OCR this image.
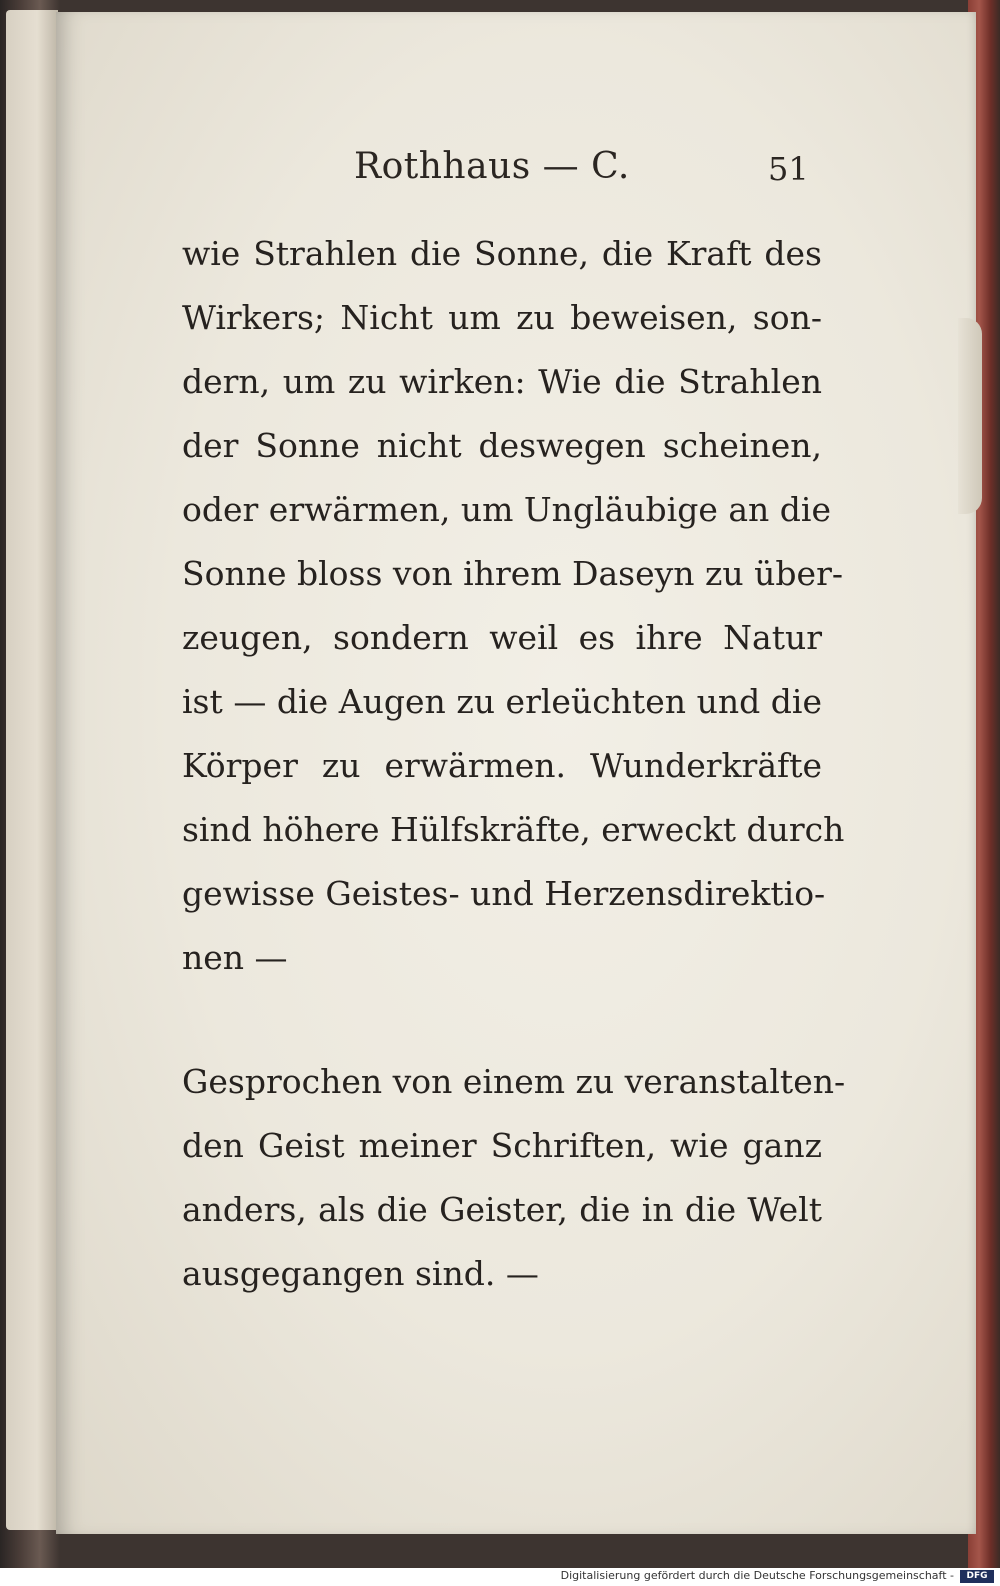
Rothhaus — C.	51
wie Strahlen die Sonne, die Kraft des
Wirkers; Nicht um zu beweisen, son-
dern, um zu wirken: Wie die Strahlen
der Sonne nicht deswegen scheinen,
oder erwärmen, um Ungläubige an die
Sonne bloss von ihrem Daseyn zu über-
zeugen, sondern weil es ihre Natur
ist — die Augen zu erleüchten und die
Körper zu erwärmen. Wunderkräfte
sind höhere Hülfskräfte, erweckt durch
gewisse Geistes- und Herzensdirektio-
nen —
Gesprochen von einem zu veranstalten-
den Geist meiner Schriften, wie ganz
anders, als die Geister, die in die Welt
ausgegangen sind. —
Digitalisierung gefördert durch die Deutsche Forschungsgemeinschaft -	DFG
